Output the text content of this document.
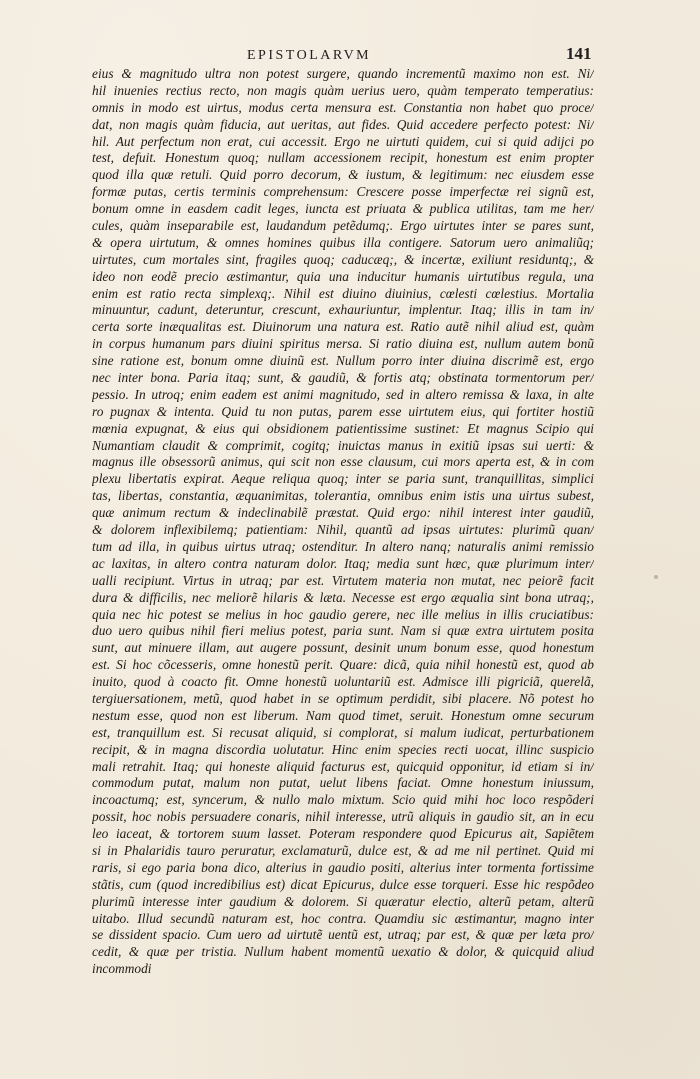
EPISTOLARVM	141
eius & magnitudo ultra non potest surgere, quando incrementũ maximo non est. Ni/
hil inuenies rectius recto, non magis quàm uerius uero, quàm temperato temperatius:
omnis in modo est uirtus, modus certa mensura est. Constantia non habet quo proce/
dat, non magis quàm fiducia, aut ueritas, aut fides. Quid accedere perfecto potest: Ni/
hil. Aut perfectum non erat, cui accessit. Ergo ne uirtuti quidem, cui si quid adijci po
test, defuit. Honestum quoq; nullam accessionem recipit, honestum est enim propter
quod illa quæ retuli. Quid porro decorum, & iustum, & legitimum: nec eiusdem esse
formæ putas, certis terminis comprehensum: Crescere posse imperfectæ rei signũ est,
bonum omne in easdem cadit leges, iuncta est priuata & publica utilitas, tam me her/
cules, quàm inseparabile est, laudandum petẽdumq;. Ergo uirtutes inter se pares sunt,
& opera uirtutum, & omnes homines quibus illa contigere. Satorum uero animaliũq;
uirtutes, cum mortales sint, fragiles quoq; caducæq;, & incertæ, exiliunt residuntq;, &
ideo non eodẽ precio æstimantur, quia una inducitur humanis uirtutibus regula, una
enim est ratio recta simplexq;. Nihil est diuino diuinius, cœlesti cœlestius. Mortalia
minuuntur, cadunt, deteruntur, crescunt, exhauriuntur, implentur. Itaq; illis in tam in/
certa sorte inæqualitas est. Diuinorum una natura est. Ratio autẽ nihil aliud est, quàm
in corpus humanum pars diuini spiritus mersa. Si ratio diuina est, nullum autem bonũ
sine ratione est, bonum omne diuinũ est. Nullum porro inter diuina discrimẽ est, ergo
nec inter bona. Paria itaq; sunt, & gaudiũ, & fortis atq; obstinata tormentorum per/
pessio. In utroq; enim eadem est animi magnitudo, sed in altero remissa & laxa, in alte
ro pugnax & intenta. Quid tu non putas, parem esse uirtutem eius, qui fortiter hostiũ
mœnia expugnat, & eius qui obsidionem patientissime sustinet: Et magnus Scipio qui
Numantiam claudit & comprimit, cogitq; inuictas manus in exitiũ ipsas sui uerti: &
magnus ille obsessorũ animus, qui scit non esse clausum, cui mors aperta est, & in com
plexu libertatis expirat. Aeque reliqua quoq; inter se paria sunt, tranquillitas, simplici
tas, libertas, constantia, æquanimitas, tolerantia, omnibus enim istis una uirtus subest,
quæ animum rectum & indeclinabilẽ præstat. Quid ergo: nihil interest inter gaudiũ,
& dolorem inflexibilemq; patientiam: Nihil, quantũ ad ipsas uirtutes: plurimũ quan/
tum ad illa, in quibus uirtus utraq; ostenditur. In altero nanq; naturalis animi remissio
ac laxitas, in altero contra naturam dolor. Itaq; media sunt hæc, quæ plurimum inter/
ualli recipiunt. Virtus in utraq; par est. Virtutem materia non mutat, nec peiorẽ facit
dura & difficilis, nec meliorẽ hilaris & læta. Necesse est ergo æqualia sint bona utraq;,
quia nec hic potest se melius in hoc gaudio gerere, nec ille melius in illis cruciatibus:
duo uero quibus nihil fieri melius potest, paria sunt. Nam si quæ extra uirtutem posita
sunt, aut minuere illam, aut augere possunt, desinit unum bonum esse, quod honestum
est. Si hoc cõcesseris, omne honestũ perit. Quare: dicã, quia nihil honestũ est, quod ab
inuito, quod à coacto fit. Omne honestũ uoluntariũ est. Admisce illi pigriciã, querelã,
tergiuersationem, metũ, quod habet in se optimum perdidit, sibi placere. Nõ potest ho
nestum esse, quod non est liberum. Nam quod timet, seruit. Honestum omne securum
est, tranquillum est. Si recusat aliquid, si complorat, si malum iudicat, perturbationem
recipit, & in magna discordia uolutatur. Hinc enim species recti uocat, illinc suspicio
mali retrahit. Itaq; qui honeste aliquid facturus est, quicquid opponitur, id etiam si in/
commodum putat, malum non putat, uelut libens faciat. Omne honestum iniussum,
incoactumq; est, syncerum, & nullo malo mixtum. Scio quid mihi hoc loco respõderi
possit, hoc nobis persuadere conaris, nihil interesse, utrũ aliquis in gaudio sit, an in ecu
leo iaceat, & tortorem suum lasset. Poteram respondere quod Epicurus ait, Sapiẽtem
si in Phalaridis tauro peruratur, exclamaturũ, dulce est, & ad me nil pertinet. Quid mi
raris, si ego paria bona dico, alterius in gaudio positi, alterius inter tormenta fortissime
stãtis, cum (quod incredibilius est) dicat Epicurus, dulce esse torqueri. Esse hic respõdeo
plurimũ interesse inter gaudium & dolorem. Si quæratur electio, alterũ petam, alterũ
uitabo. Illud secundũ naturam est, hoc contra. Quamdiu sic æstimantur, magno inter
se dissident spacio. Cum uero ad uirtutẽ uentũ est, utraq; par est, & quæ per læta pro/
cedit, & quæ per tristia. Nullum habent momentũ uexatio & dolor, & quicquid aliud
incommodi
